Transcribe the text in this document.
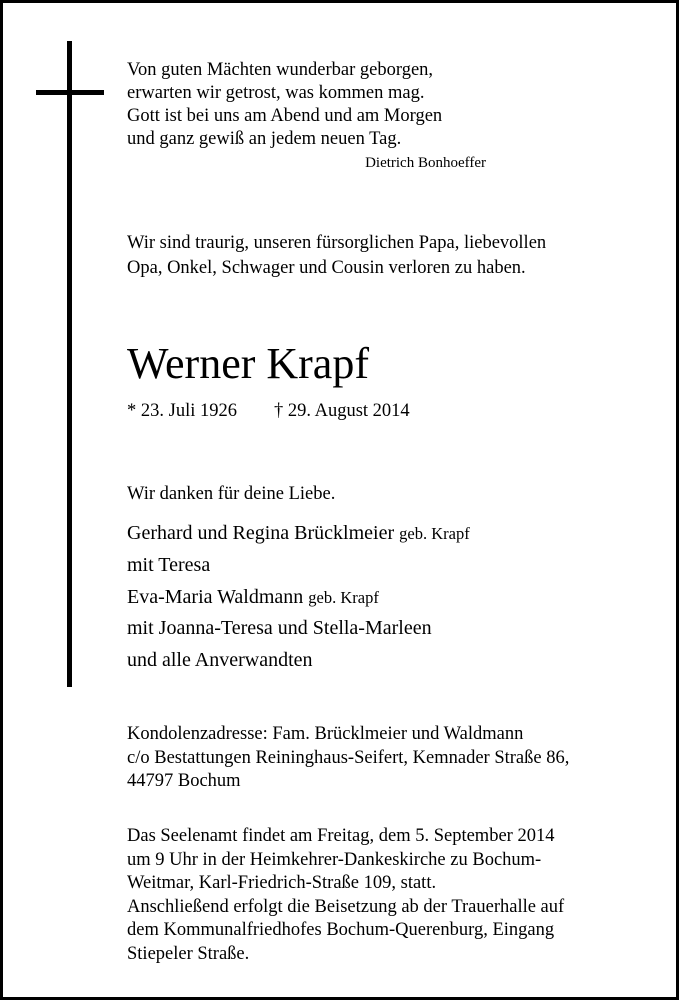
Von guten Mächten wunderbar geborgen,
erwarten wir getrost, was kommen mag.
Gott ist bei uns am Abend und am Morgen
und ganz gewiß an jedem neuen Tag.
Dietrich Bonhoeffer
Wir sind traurig, unseren fürsorglichen Papa, liebevollen
Opa, Onkel, Schwager und Cousin verloren zu haben.
Werner Krapf
* 23. Juli 1926 † 29. August 2014
Wir danken für deine Liebe.
Gerhard und Regina Brücklmeier geb. Krapf
mit Teresa
Eva-Maria Waldmann geb. Krapf
mit Joanna-Teresa und Stella-Marleen
und alle Anverwandten
Kondolenzadresse: Fam. Brücklmeier und Waldmann
c/o Bestattungen Reininghaus-Seifert, Kemnader Straße 86,
44797 Bochum
Das Seelenamt findet am Freitag, dem 5. September 2014
um 9 Uhr in der Heimkehrer-Dankeskirche zu Bochum-
Weitmar, Karl-Friedrich-Straße 109, statt.
Anschließend erfolgt die Beisetzung ab der Trauerhalle auf
dem Kommunalfriedhofes Bochum-Querenburg, Eingang
Stiepeler Straße.
